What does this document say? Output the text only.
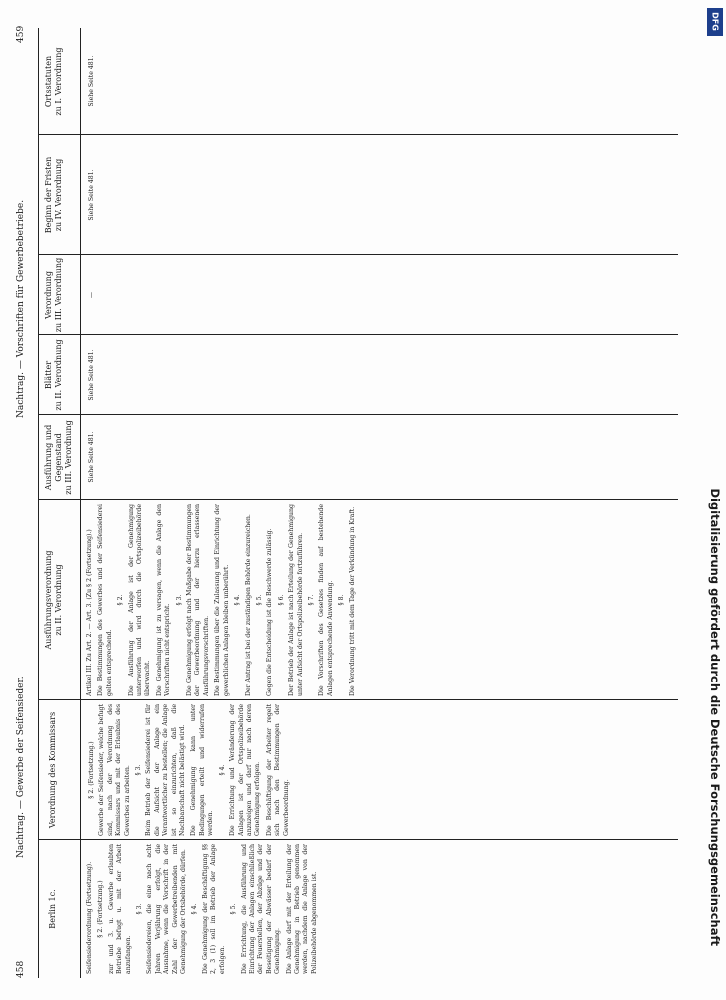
458
Nachtrag. — Gewerbe der Seifensieder.
Nachtrag. — Vorschriften für Gewerbebetriebe.
459
Berlin 1c.
Verordnung des Kommissars
Ausführungsverordnung zu II. Verordnung
Ausführung und Gegenstand zu III. Verordnung
Blätter zu II. Verordnung
Verordnung zu III. Verordnung
Beginn der Fristen zu IV. Verordnung
Ortsstatuten zu I. Verordnung
Seifensiederordnung (Fortsetzung). § 2. (Fortsetzung.) zur und 3. u. Gewerbe erlaubten Betriebe befugt u. mit der Arbeit anzufangen.
§ 3. Seifensiedereien, die eine nach acht Jahren Verjährung erfolgt, die Ausnahme, wenn die Vorschrift in der Zahl der Gewerbetreibenden mit Genehmigung der Ortsbehörde, dürfen. § 4. Die Genehmigung der Beschäftigung §§ 2, 3 (1) soll im Betrieb der Anlage erfolgen.
§ 5. Die Errichtung, die Ausführung und Einrichtung der Anlagen einschließlich der Feuerstellen, der Abzüge und der Beseitigung der Abwässer bedarf der Genehmigung. Die Anlage darf mit der Erteilung der Genehmigung in Betrieb genommen werden, nachdem die Anlage von der Polizeibehörde abgenommen ist.
§ 2. (Fortsetzung.) Gewerbe der Seifensieder, welche befugt sind, nach der Verordnung des Kommissars und mit der Erlaubnis des Gewerbes zu arbeiten. § 3. Beim Betrieb der Seifensiederei ist für die Aufsicht der Anlage ein Verantwortlicher zu bestellen; die Anlage ist so einzurichten, daß die Nachbarschaft nicht belästigt wird. Die Genehmigung kann unter Bedingungen erteilt und widerrufen werden.
§ 4. Die Errichtung und Veränderung der Anlagen ist der Ortspolizeibehörde anzuzeigen und darf nur nach deren Genehmigung erfolgen. Die Beschäftigung der Arbeiter regelt sich nach den Bestimmungen der Gewerbeordnung.
Artikel III. Zu Art. 2. — Art. 3. (Zu § 2 (Fortsetzung).) Die Bestimmungen des Gewerbes und der Seifensiederei gelten entsprechend.
§ 2. Die Ausführung der Anlage ist der Genehmigung unterworfen und wird durch die Ortspolizeibehörde überwacht. Die Genehmigung ist zu versagen, wenn die Anlage den Vorschriften nicht entspricht.
§ 3. Die Genehmigung erfolgt nach Maßgabe der Bestimmungen der Gewerbeordnung und der hierzu erlassenen Ausführungsvorschriften. Die Bestimmungen über die Zulassung und Einrichtung der gewerblichen Anlagen bleiben unberührt. § 4. Der Antrag ist bei der zuständigen Behörde einzureichen. § 5. Gegen die Entscheidung ist die Beschwerde zulässig. § 6. Der Betrieb der Anlage ist nach Erteilung der Genehmigung unter Aufsicht der Ortspolizeibehörde fortzuführen. § 7. Die Vorschriften des Gesetzes finden auf bestehende Anlagen entsprechende Anwendung. § 8. Die Verordnung tritt mit dem Tage der Verkündung in Kraft.
Siehe Seite 481.
Siehe Seite 481.
—
Siehe Seite 481.
Siehe Seite 481.
Digitalisierung gefördert durch die Deutsche Forschungsgemeinschaft
DFG
